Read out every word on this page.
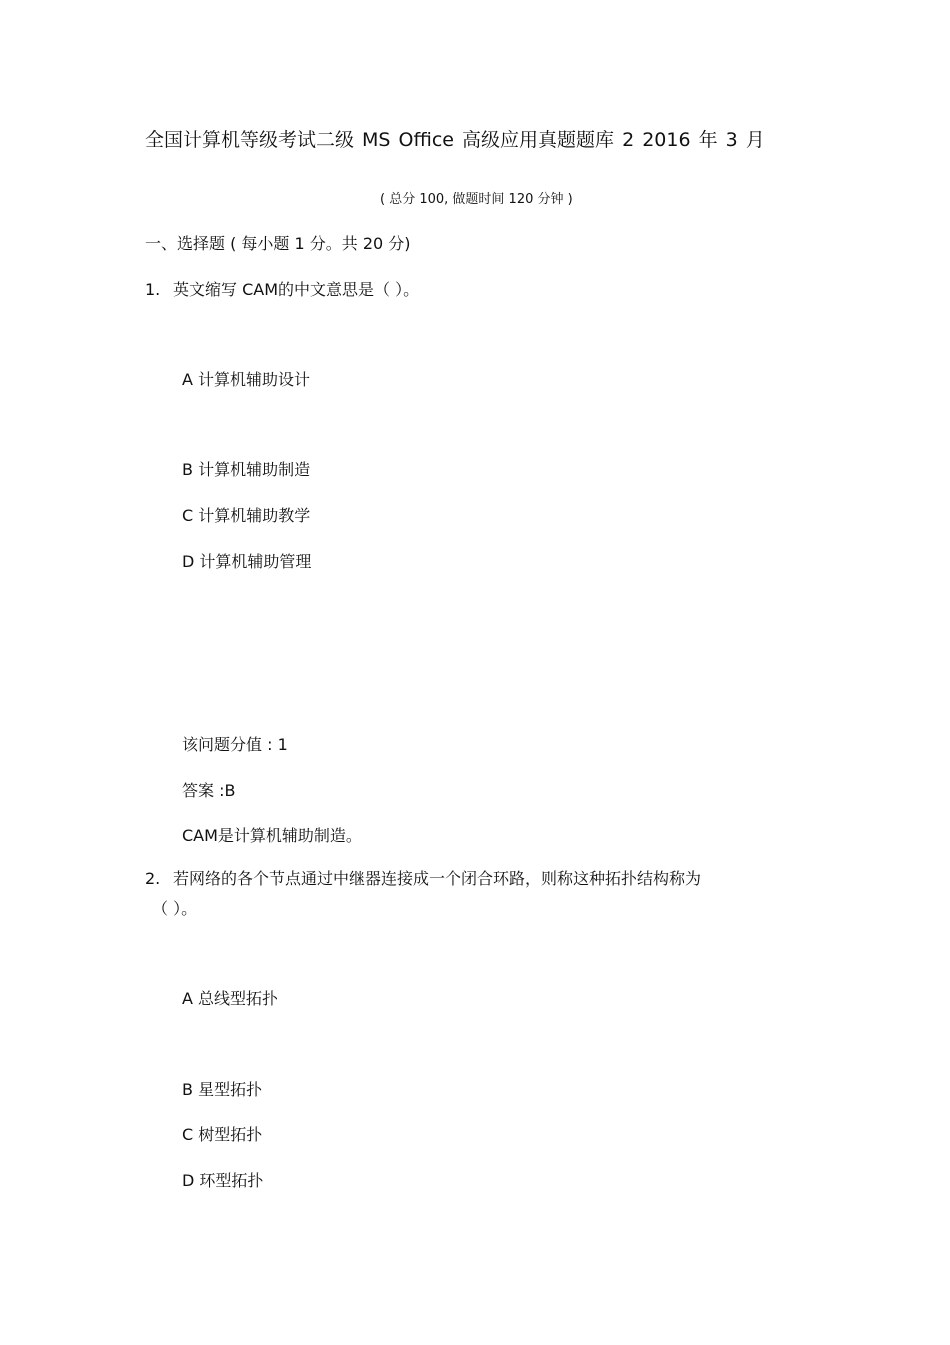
全国计算机等级考试二级 MS Office 高级应用真题题库 2 2016 年 3 月
( 总分 100, 做题时间 120 分钟 )
一、选择题 ( 每小题 1 分。共 20 分)
1. 英文缩写 CAM的中文意思是（ ）。
A 计算机辅助设计
B 计算机辅助制造
C 计算机辅助教学
D 计算机辅助管理
该问题分值 : 1
答案 :B
CAM是计算机辅助制造。
2. 若网络的各个节点通过中继器连接成一个闭合环路，则称这种拓扑结构称为
（ ）。
A 总线型拓扑
B 星型拓扑
C 树型拓扑
D 环型拓扑
